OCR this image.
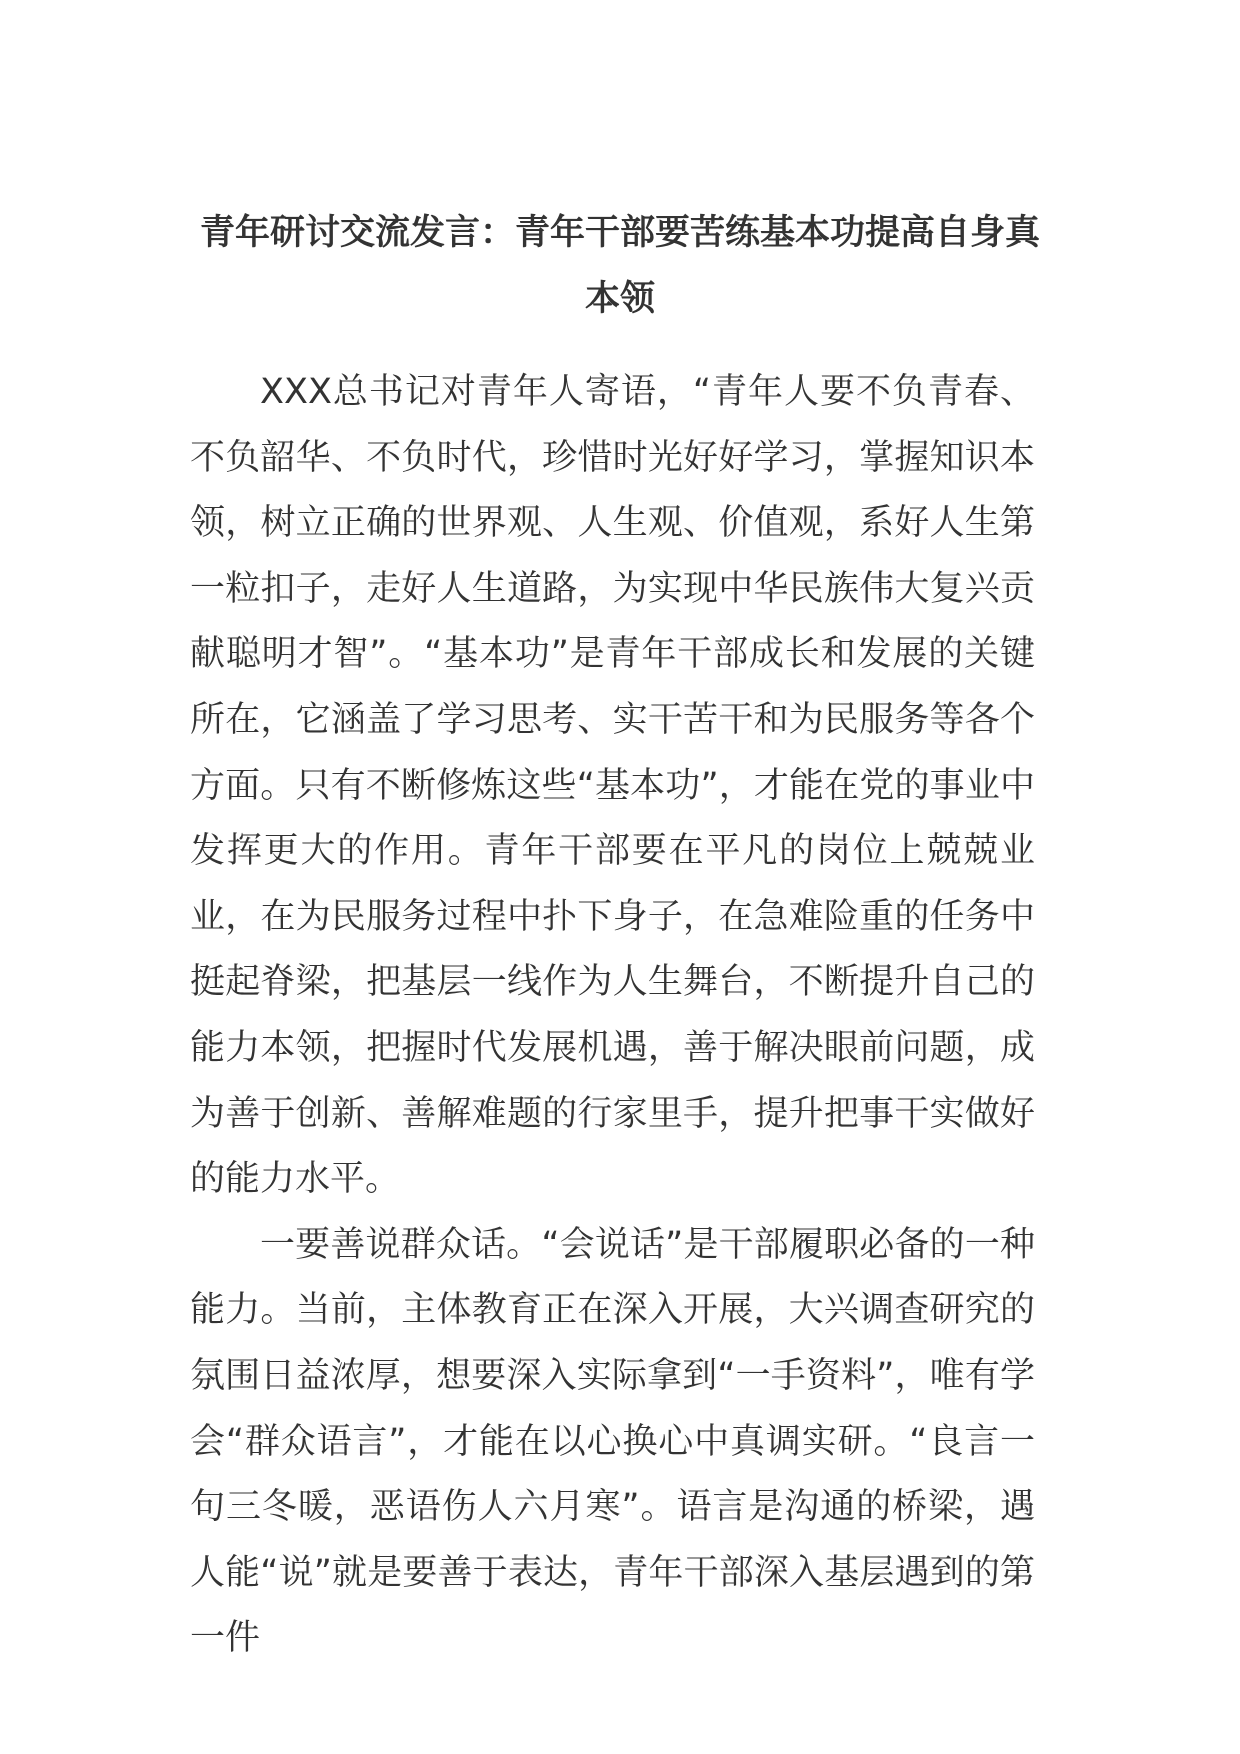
青年研讨交流发言：青年干部要苦练基本功提高自身真本领

XXX总书记对青年人寄语，“青年人要不负青春、不负韶华、不负时代，珍惜时光好好学习，掌握知识本领，树立正确的世界观、人生观、价值观，系好人生第一粒扣子，走好人生道路，为实现中华民族伟大复兴贡献聪明才智”。“基本功”是青年干部成长和发展的关键所在，它涵盖了学习思考、实干苦干和为民服务等各个方面。只有不断修炼这些“基本功”，才能在党的事业中发挥更大的作用。青年干部要在平凡的岗位上兢兢业业，在为民服务过程中扑下身子，在急难险重的任务中挺起脊梁，把基层一线作为人生舞台，不断提升自己的能力本领，把握时代发展机遇，善于解决眼前问题，成为善于创新、善解难题的行家里手，提升把事干实做好的能力水平。

一要善说群众话。“会说话”是干部履职必备的一种能力。当前，主体教育正在深入开展，大兴调查研究的氛围日益浓厚，想要深入实际拿到“一手资料”，唯有学会“群众语言”，才能在以心换心中真调实研。“良言一句三冬暖，恶语伤人六月寒”。语言是沟通的桥梁，遇人能“说”就是要善于表达，青年干部深入基层遇到的第一件
